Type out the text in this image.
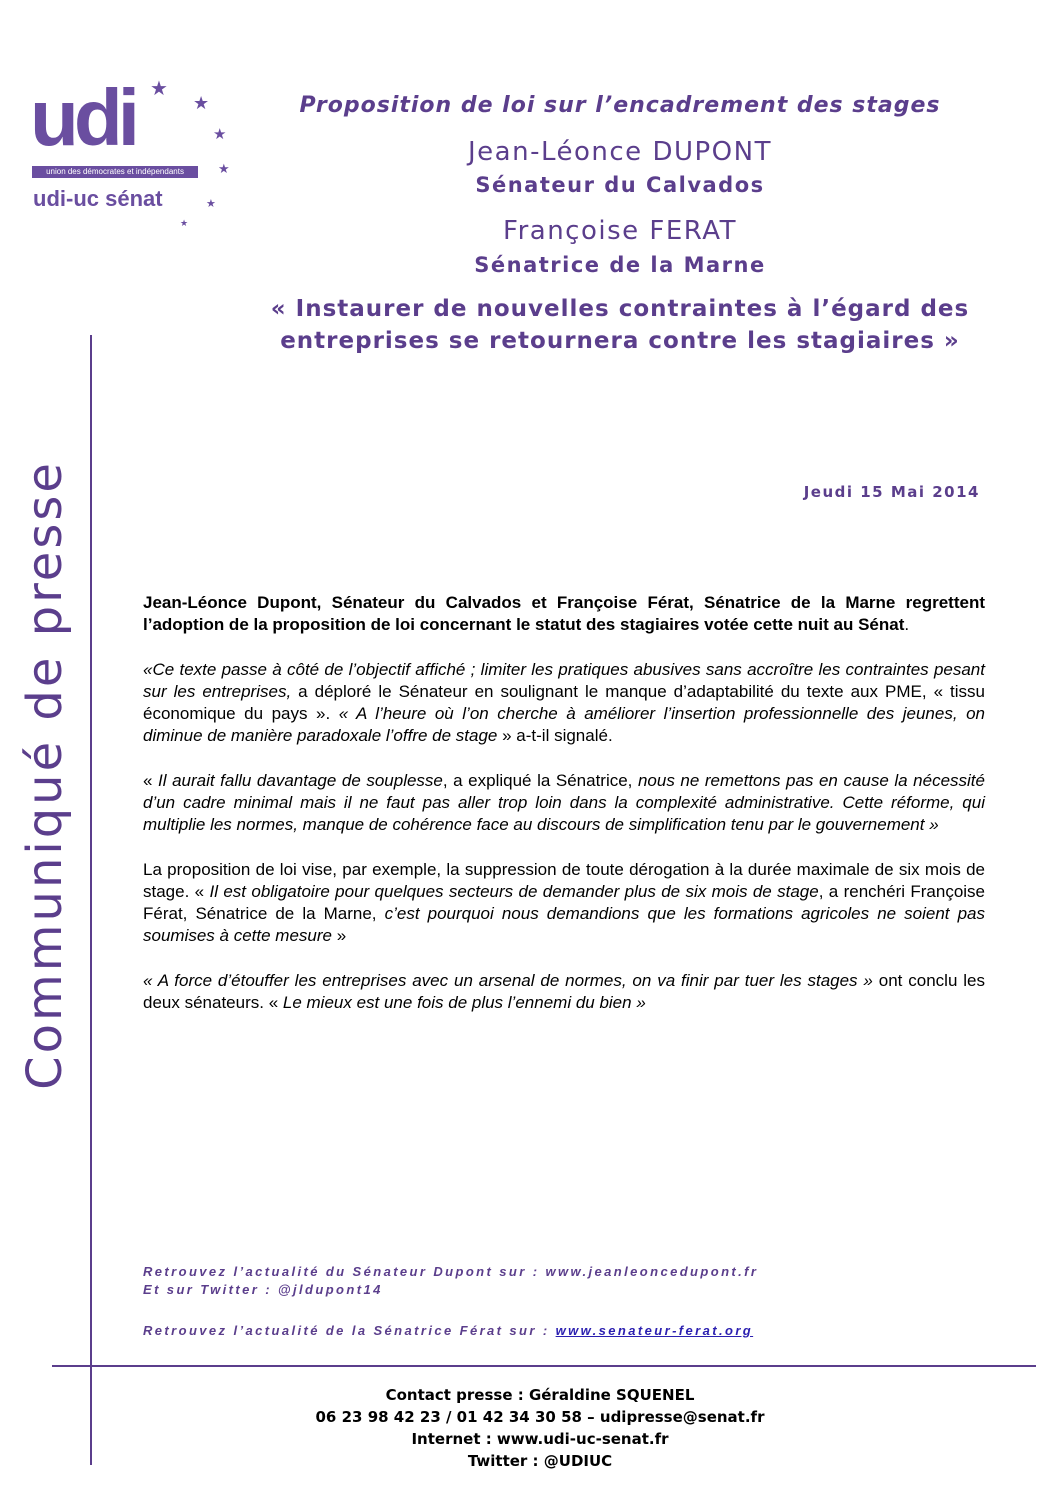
udi
union des démocrates et indépendants
udi-uc sénat
★
★
★
★
★
★
Proposition de loi sur l’encadrement des stages
Jean-Léonce DUPONT
Sénateur du Calvados
Françoise FERAT
Sénatrice de la Marne
« Instaurer de nouvelles contraintes à l’égard des
entreprises se retournera contre les stagiaires »
Communiqué de presse	Jeudi 15 Mai 2014

Jean-Léonce Dupont, Sénateur du Calvados et Françoise Férat, Sénatrice de la Marne regrettent l’adoption de la proposition de loi concernant le statut des stagiaires votée cette nuit au Sénat.

«Ce texte passe à côté de l’objectif affiché ; limiter les pratiques abusives sans accroître les contraintes pesant sur les entreprises, a déploré le Sénateur en soulignant le manque d’adaptabilité du texte aux PME, « tissu économique du pays ». « A l’heure où l’on cherche à améliorer l’insertion professionnelle des jeunes, on diminue de manière paradoxale l’offre de stage » a-t-il signalé.

« Il aurait fallu davantage de souplesse, a expliqué la Sénatrice, nous ne remettons pas en cause la nécessité d’un cadre minimal mais il ne faut pas aller trop loin dans la complexité administrative. Cette réforme, qui multiplie les normes, manque de cohérence face au discours de simplification tenu par le gouvernement »

La proposition de loi vise, par exemple, la suppression de toute dérogation à la durée maximale de six mois de stage. « Il est obligatoire pour quelques secteurs de demander plus de six mois de stage, a renchéri Françoise Férat, Sénatrice de la Marne, c’est pourquoi nous demandions que les formations agricoles ne soient pas soumises à cette mesure »

« A force d’étouffer les entreprises avec un arsenal de normes, on va finir par tuer les stages » ont conclu les deux sénateurs. « Le mieux est une fois de plus l’ennemi du bien »

Retrouvez l’actualité du Sénateur Dupont sur : www.jeanleoncedupont.fr
Et sur Twitter : @jldupont14
Retrouvez l’actualité de la Sénatrice Férat sur : www.senateur-ferat.org
Contact presse : Géraldine SQUENEL
06 23 98 42 23 / 01 42 34 30 58 – udipresse@senat.fr
Internet : www.udi-uc-senat.fr
Twitter : @UDIUC
